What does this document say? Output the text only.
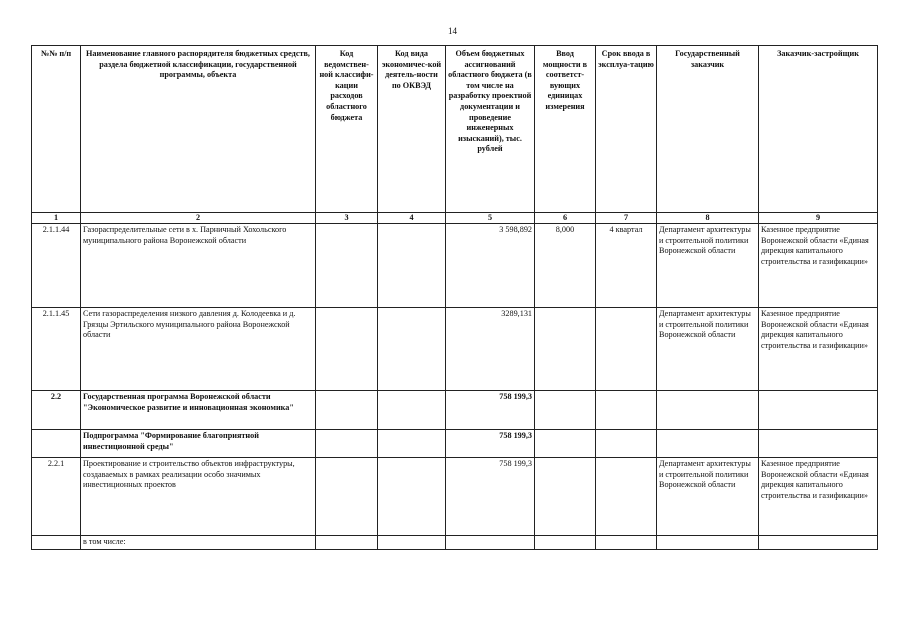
14
№№ п/п	Наименование главного распорядителя бюджетных средств, раздела бюджетной классификации, государственной программы, объекта	Код ведомствен-ной классифи-кации расходов областного бюджета	Код вида экономичес-кой деятель-ности по ОКВЭД	Объем бюджетных ассигнований областного бюджета (в том числе на разработку проектной документации и проведение инженерных изысканий), тыс. рублей	Ввод мощности в соответст-вующих единицах измерения	Срок ввода в эксплуа-тацию	Государственный заказчик	Заказчик-застройщик
1	2	3	4	5	6	7	8	9
2.1.1.44	Газораспределительные сети в х. Парничный Хохольского муниципального района Воронежской области			3 598,892	8,000	4 квартал	Департамент архитектуры и строительной политики Воронежской области	Казенное предприятие Воронежской области «Единая дирекция капитального строительства и газификации»
2.1.1.45	Сети газораспределения низкого давления д. Колодеевка и д. Грязцы Эртильского муниципального района Воронежской области			3289,131			Департамент архитектуры и строительной политики Воронежской области	Казенное предприятие Воронежской области «Единая дирекция капитального строительства и газификации»
2.2	Государственная программа Воронежской области "Экономическое развитие и инновационная экономика"			758 199,3				
	Подпрограмма "Формирование благоприятной инвестиционной среды"			758 199,3				
2.2.1	Проектирование и строительство объектов инфраструктуры, создаваемых в рамках реализации особо значимых инвестиционных проектов			758 199,3			Департамент архитектуры и строительной политики Воронежской области	Казенное предприятие Воронежской области «Единая дирекция капитального строительства и газификации»
	в том числе:							
